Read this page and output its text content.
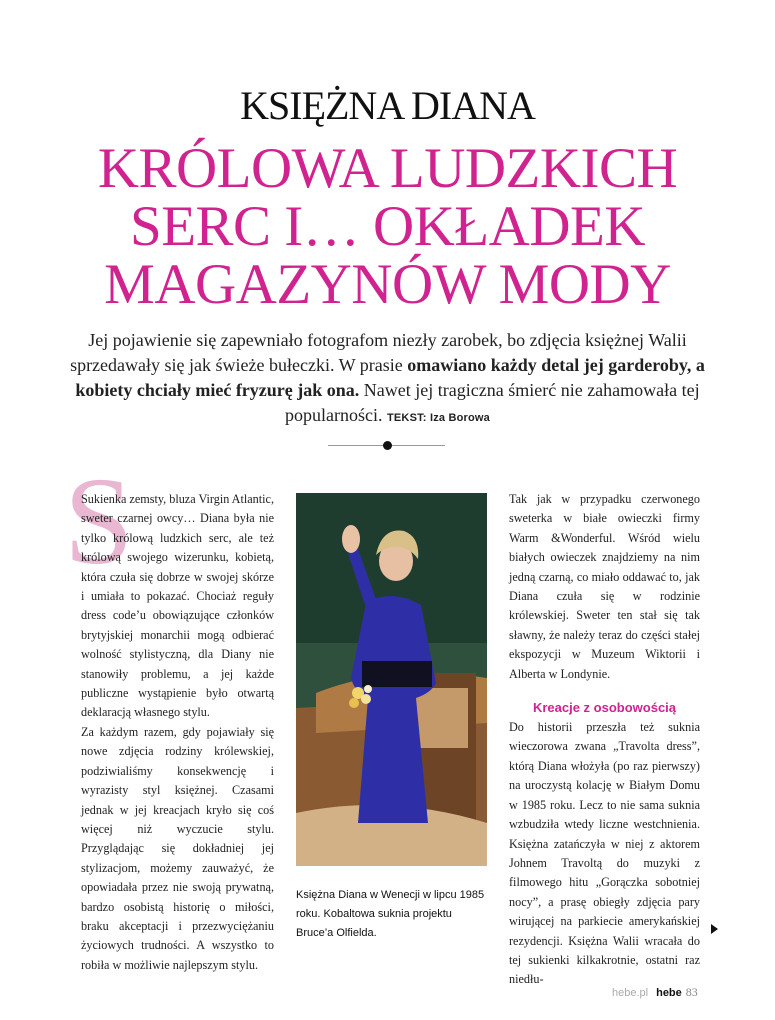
KSIĘŻNA DIANA
KRÓLOWA LUDZKICH
SERC I… OKŁADEK
MAGAZYNÓW MODY
Jej pojawienie się zapewniało fotografom niezły zarobek, bo zdjęcia księżnej Walii sprzedawały się jak świeże bułeczki. W prasie omawiano każdy detal jej garderoby, a kobiety chciały mieć fryzurę jak ona. Nawet jej tragiczna śmierć nie zahamowała tej popularności. TEKST: Iza Borowa
S

Sukienka zemsty, bluza Virgin Atlantic, sweter czarnej owcy… Diana była nie tylko królową ludzkich serc, ale też królową swojego wizerunku, kobietą, która czuła się dobrze w swojej skórze i umiała to pokazać. Chociaż reguły dress code’u obowiązujące członków brytyjskiej monarchii mogą odbierać wolność stylistyczną, dla Diany nie stanowiły problemu, a jej każde publiczne wystąpienie było otwartą deklaracją własnego stylu.

Za każdym razem, gdy pojawiały się nowe zdjęcia rodziny królewskiej, podziwialiśmy konsekwencję i wyrazisty styl księżnej. Czasami jednak w jej kreacjach kryło się coś więcej niż wyczucie stylu. Przyglądając się dokładniej jej stylizacjom, możemy zauważyć, że opowiadała przez nie swoją prywatną, bardzo osobistą historię o miłości, braku akceptacji i przezwyciężaniu życiowych trudności. A wszystko to robiła w możliwie najlepszym stylu.

Księżna Diana w Wenecji w lipcu 1985 roku. Kobaltowa suknia projektu Bruce’a Olfielda.

Tak jak w przypadku czerwonego sweterka w białe owieczki firmy Warm &Wonderful. Wśród wielu białych owieczek znajdziemy na nim jedną czarną, co miało oddawać to, jak Diana czuła się w rodzinie królewskiej. Sweter ten stał się tak sławny, że należy teraz do części stałej ekspozycji w Muzeum Wiktorii i Alberta w Londynie.

Kreacje z osobowością

Do historii przeszła też suknia wieczorowa zwana „Travolta dress”, którą Diana włożyła (po raz pierwszy) na uroczystą kolację w Białym Domu w 1985 roku. Lecz to nie sama suknia wzbudziła wtedy liczne westchnienia. Księżna zatańczyła w niej z aktorem Johnem Travoltą do muzyki z filmowego hitu „Gorączka sobotniej nocy”, a prasę obiegły zdjęcia pary wirującej na parkiecie amerykańskiej rezydencji. Księżna Walii wracała do tej sukienki kilkakrotnie, ostatni raz niedłu-

hebe.pl hebe 83
